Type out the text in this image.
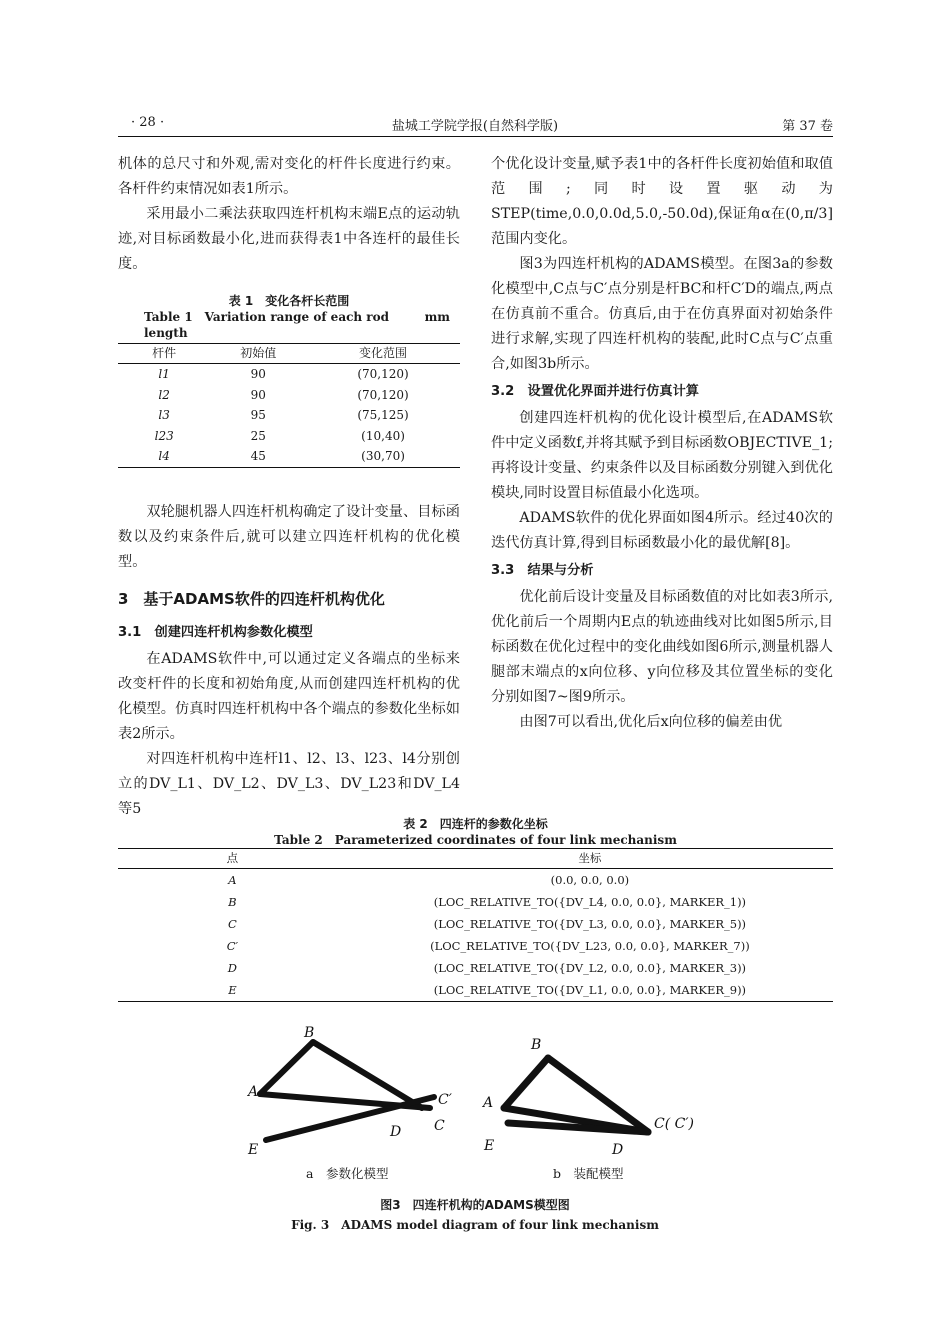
· 28 ·	盐城工学院学报(自然科学版)	第 37 卷

机体的总尺寸和外观,需对变化的杆件长度进行约束。各杆件约束情况如表1所示。

采用最小二乘法获取四连杆机构末端E点的运动轨迹,对目标函数最小化,进而获得表1中各连杆的最佳长度。

表 1　变化各杆长范围
Table 1　Variation range of each rod length
mm
杆件	初始值	变化范围
l1	90	(70,120)
l2	90	(70,120)
l3	95	(75,125)
l23	25	(10,40)
l4	45	(30,70)

双轮腿机器人四连杆机构确定了设计变量、目标函数以及约束条件后,就可以建立四连杆机构的优化模型。

3　基于ADAMS软件的四连杆机构优化
3.1　创建四连杆机构参数化模型

在ADAMS软件中,可以通过定义各端点的坐标来改变杆件的长度和初始角度,从而创建四连杆机构的优化模型。仿真时四连杆机构中各个端点的参数化坐标如表2所示。

对四连杆机构中连杆l1、l2、l3、l23、l4分别创立的DV_L1、DV_L2、DV_L3、DV_L23和DV_L4等5

个优化设计变量,赋予表1中的各杆件长度初始值和取值范围;同时设置驱动为STEP(time,0.0,0.0d,5.0,-50.0d),保证角α在(0,π/3]范围内变化。

图3为四连杆机构的ADAMS模型。在图3a的参数化模型中,C点与C′点分别是杆BC和杆C′D的端点,两点在仿真前不重合。仿真后,由于在仿真界面对初始条件进行求解,实现了四连杆机构的装配,此时C点与C′点重合,如图3b所示。

3.2　设置优化界面并进行仿真计算

创建四连杆机构的优化设计模型后,在ADAMS软件中定义函数f,并将其赋予到目标函数OBJECTIVE_1;再将设计变量、约束条件以及目标函数分别键入到优化模块,同时设置目标值最小化选项。

ADAMS软件的优化界面如图4所示。经过40次的迭代仿真计算,得到目标函数最小化的最优解[8]。

3.3　结果与分析

优化前后设计变量及目标函数值的对比如表3所示,优化前后一个周期内E点的轨迹曲线对比如图5所示,目标函数在优化过程中的变化曲线如图6所示,测量机器人腿部末端点的x向位移、y向位移及其位置坐标的变化分别如图7~图9所示。

由图7可以看出,优化后x向位移的偏差由优

表 2　四连杆的参数化坐标
Table 2　Parameterized coordinates of four link mechanism
点	坐标
A	(0.0, 0.0, 0.0)
B	(LOC_RELATIVE_TO({DV_L4, 0.0, 0.0}, MARKER_1))
C	(LOC_RELATIVE_TO({DV_L3, 0.0, 0.0}, MARKER_5))
C′	(LOC_RELATIVE_TO({DV_L23, 0.0, 0.0}, MARKER_7))
D	(LOC_RELATIVE_TO({DV_L2, 0.0, 0.0}, MARKER_3))
E	(LOC_RELATIVE_TO({DV_L1, 0.0, 0.0}, MARKER_9))
B
A	C′
D C
E
B
A
C( C′)
E	D
a　参数化模型	b　装配模型
图3　四连杆机构的ADAMS模型图
Fig. 3　ADAMS model diagram of four link mechanism
